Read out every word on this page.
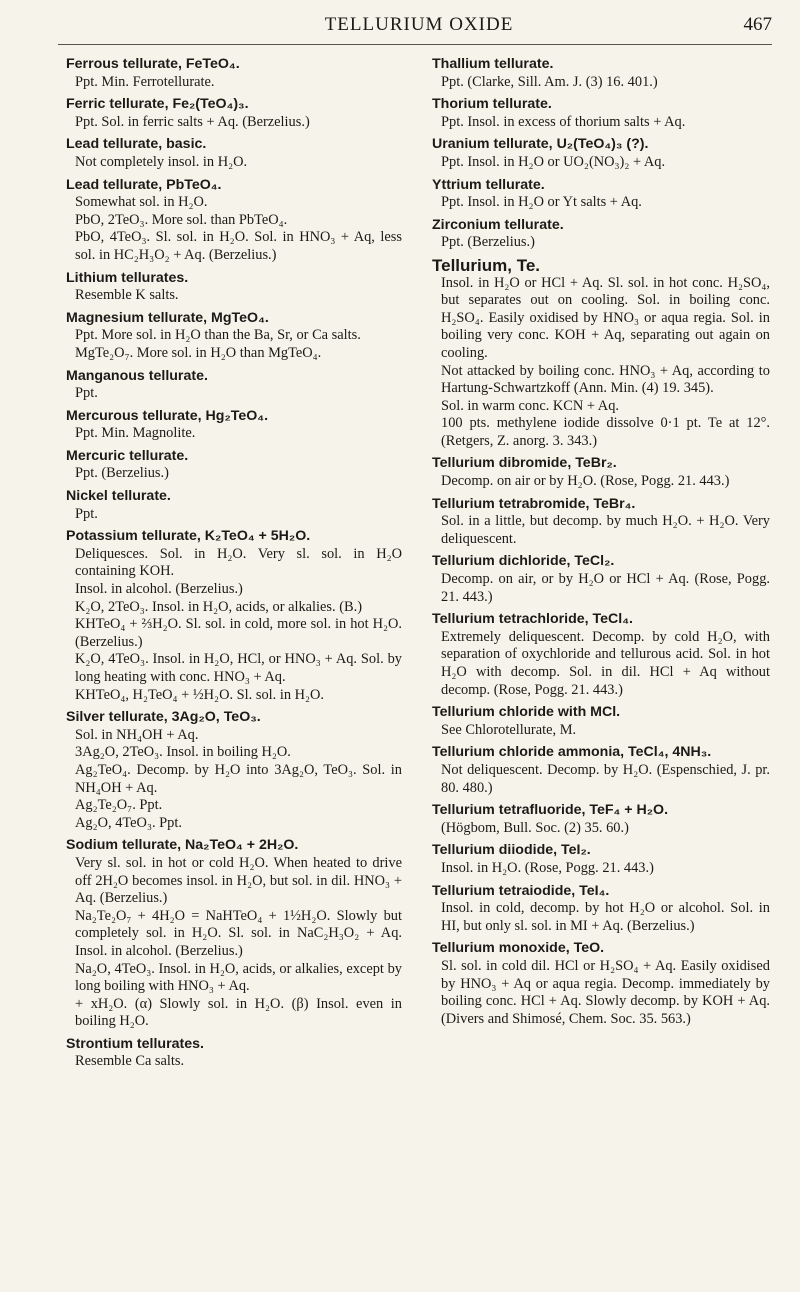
TELLURIUM OXIDE	467
Ferrous tellurate, FeTeO₄.
Ppt. Min. Ferrotellurate.
Ferric tellurate, Fe₂(TeO₄)₃.
Ppt. Sol. in ferric salts + Aq. (Berzelius.)
Lead tellurate, basic.
Not completely insol. in H₂O.
Lead tellurate, PbTeO₄.
Somewhat sol. in H₂O.
PbO, 2TeO₃. More sol. than PbTeO₄.
PbO, 4TeO₃. Sl. sol. in H₂O. Sol. in HNO₃ + Aq, less sol. in HC₂H₃O₂ + Aq. (Berzelius.)
Lithium tellurates.
Resemble K salts.
Magnesium tellurate, MgTeO₄.
Ppt. More sol. in H₂O than the Ba, Sr, or Ca salts.
MgTe₂O₇. More sol. in H₂O than MgTeO₄.
Manganous tellurate.
Ppt.
Mercurous tellurate, Hg₂TeO₄.
Ppt. Min. Magnolite.
Mercuric tellurate.
Ppt. (Berzelius.)
Nickel tellurate.
Ppt.
Potassium tellurate, K₂TeO₄ + 5H₂O.
Deliquesces. Sol. in H₂O. Very sl. sol. in H₂O containing KOH.
Insol. in alcohol. (Berzelius.)
K₂O, 2TeO₃. Insol. in H₂O, acids, or alkalies. (B.)
KHTeO₄ + ⅔H₂O. Sl. sol. in cold, more sol. in hot H₂O. (Berzelius.)
K₂O, 4TeO₃. Insol. in H₂O, HCl, or HNO₃ + Aq. Sol. by long heating with conc. HNO₃ + Aq.
KHTeO₄, H₂TeO₄ + ½H₂O. Sl. sol. in H₂O.
Silver tellurate, 3Ag₂O, TeO₃.
Sol. in NH₄OH + Aq.
3Ag₂O, 2TeO₃. Insol. in boiling H₂O.
Ag₂TeO₄. Decomp. by H₂O into 3Ag₂O, TeO₃. Sol. in NH₄OH + Aq.
Ag₂Te₂O₇. Ppt.
Ag₂O, 4TeO₃. Ppt.
Sodium tellurate, Na₂TeO₄ + 2H₂O.
Very sl. sol. in hot or cold H₂O. When heated to drive off 2H₂O becomes insol. in H₂O, but sol. in dil. HNO₃ + Aq. (Berzelius.)
Na₂Te₂O₇ + 4H₂O = NaHTeO₄ + 1½H₂O. Slowly but completely sol. in H₂O. Sl. sol. in NaC₂H₃O₂ + Aq. Insol. in alcohol. (Berzelius.)
Na₂O, 4TeO₃. Insol. in H₂O, acids, or alkalies, except by long boiling with HNO₃ + Aq.
+ xH₂O. (α) Slowly sol. in H₂O. (β) Insol. even in boiling H₂O.
Strontium tellurates.
Resemble Ca salts.
Thallium tellurate.
Ppt. (Clarke, Sill. Am. J. (3) 16. 401.)
Thorium tellurate.
Ppt. Insol. in excess of thorium salts + Aq.
Uranium tellurate, U₂(TeO₄)₃ (?).
Ppt. Insol. in H₂O or UO₂(NO₃)₂ + Aq.
Yttrium tellurate.
Ppt. Insol. in H₂O or Yt salts + Aq.
Zirconium tellurate.
Ppt. (Berzelius.)
Tellurium, Te.
Insol. in H₂O or HCl + Aq. Sl. sol. in hot conc. H₂SO₄, but separates out on cooling. Sol. in boiling conc. H₂SO₄. Easily oxidised by HNO₃ or aqua regia. Sol. in boiling very conc. KOH + Aq, separating out again on cooling.
Not attacked by boiling conc. HNO₃ + Aq, according to Hartung-Schwartzkoff (Ann. Min. (4) 19. 345).
Sol. in warm conc. KCN + Aq.
100 pts. methylene iodide dissolve 0·1 pt. Te at 12°. (Retgers, Z. anorg. 3. 343.)
Tellurium dibromide, TeBr₂.
Decomp. on air or by H₂O. (Rose, Pogg. 21. 443.)
Tellurium tetrabromide, TeBr₄.
Sol. in a little, but decomp. by much H₂O. + H₂O. Very deliquescent.
Tellurium dichloride, TeCl₂.
Decomp. on air, or by H₂O or HCl + Aq. (Rose, Pogg. 21. 443.)
Tellurium tetrachloride, TeCl₄.
Extremely deliquescent. Decomp. by cold H₂O, with separation of oxychloride and tellurous acid. Sol. in hot H₂O with decomp. Sol. in dil. HCl + Aq without decomp. (Rose, Pogg. 21. 443.)
Tellurium chloride with MCl.
See Chlorotellurate, M.
Tellurium chloride ammonia, TeCl₄, 4NH₃.
Not deliquescent. Decomp. by H₂O. (Espenschied, J. pr. 80. 480.)
Tellurium tetrafluoride, TeF₄ + H₂O.
(Högbom, Bull. Soc. (2) 35. 60.)
Tellurium diiodide, TeI₂.
Insol. in H₂O. (Rose, Pogg. 21. 443.)
Tellurium tetraiodide, TeI₄.
Insol. in cold, decomp. by hot H₂O or alcohol. Sol. in HI, but only sl. sol. in MI + Aq. (Berzelius.)
Tellurium monoxide, TeO.
Sl. sol. in cold dil. HCl or H₂SO₄ + Aq. Easily oxidised by HNO₃ + Aq or aqua regia. Decomp. immediately by boiling conc. HCl + Aq. Slowly decomp. by KOH + Aq. (Divers and Shimosé, Chem. Soc. 35. 563.)
